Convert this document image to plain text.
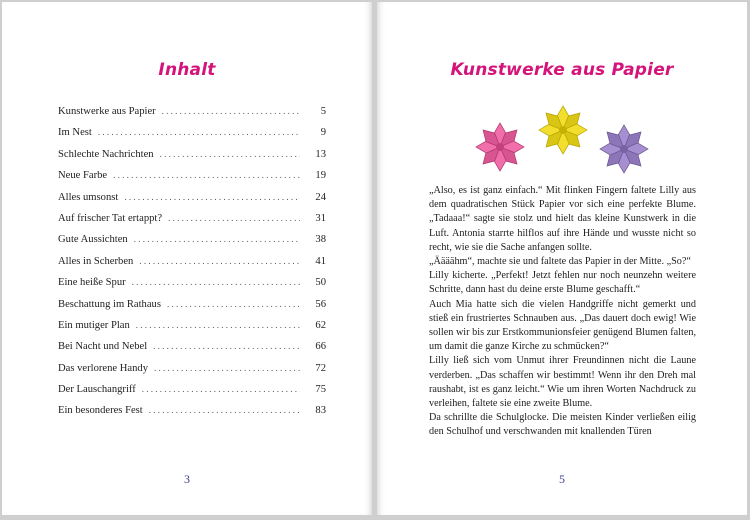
Inhalt
Kunstwerke aus Papier . . .	5
Im Nest . . .	9
Schlechte Nachrichten . . .	13
Neue Farbe . . .	19
Alles umsonst . . .	24
Auf frischer Tat ertappt? . . .	31
Gute Aussichten . . .	38
Alles in Scherben . . .	41
Eine heiße Spur . . .	50
Beschattung im Rathaus . . .	56
Ein mutiger Plan . . .	62
Bei Nacht und Nebel . . .	66
Das verlorene Handy . . .	72
Der Lauschangriff . . .	75
Ein besonderes Fest . . .	83
3
Kunstwerke aus Papier
„Also, es ist ganz einfach.“ Mit flinken Fingern faltete Lilly aus dem quadratischen Stück Papier vor sich eine perfekte Blume. „Tadaaa!“ sagte sie stolz und hielt das kleine Kunstwerk in die Luft. Antonia starrte hilflos auf ihre Hände und wusste nicht so recht, wie sie die Sache anfangen sollte.
„Äääähm“, machte sie und faltete das Papier in der Mitte. „So?“
Lilly kicherte. „Perfekt! Jetzt fehlen nur noch neunzehn weitere Schritte, dann hast du deine erste Blume geschafft.“
Auch Mia hatte sich die vielen Handgriffe nicht gemerkt und stieß ein frustriertes Schnauben aus. „Das dauert doch ewig! Wie sollen wir bis zur Erstkommunionsfeier genügend Blumen falten, um damit die ganze Kirche zu schmücken?“
Lilly ließ sich vom Unmut ihrer Freundinnen nicht die Laune verderben. „Das schaffen wir bestimmt! Wenn ihr den Dreh mal raushabt, ist es ganz leicht.“ Wie um ihren Worten Nachdruck zu verleihen, faltete sie eine zweite Blume.
Da schrillte die Schulglocke. Die meisten Kinder verließen eilig den Schulhof und verschwanden mit knallenden Türen
5
